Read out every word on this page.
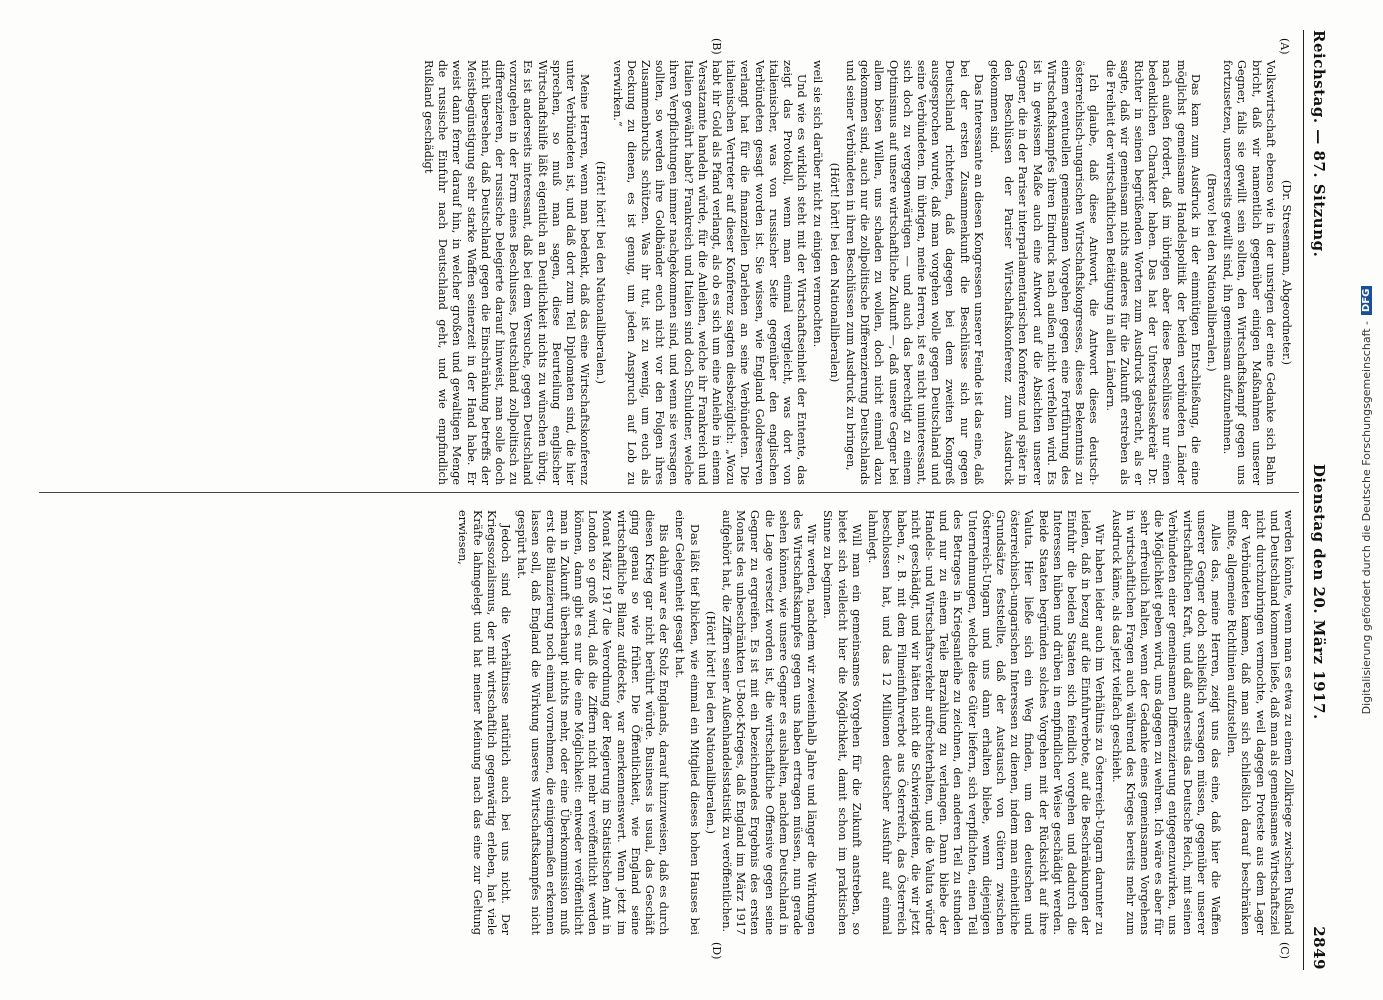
Reichstag. — 87. Sitzung.
Dienstag den 20. März 1917.
2849
(A)
(B)
(C)
(D)

(Dr. Stresemann, Abgeordneter.)

Volkswirtschaft ebenso wie in der unsrigen der eine Gedanke sich Bahn bricht, daß wir namentlich gegenüber einigen Maßnahmen unserer Gegner, falls sie gewillt sein sollten, den Wirtschaftskampf gegen uns fortzusetzen, unsererseits gewillt sind, ihn gemeinsam aufzunehmen.

(Bravo! bei den Nationalliberalen.)

Das kam zum Ausdruck in der einmütigen Entschließung, die eine möglichst gemeinsame Handelspolitik der beiden verbündeten Länder nach außen fordert, daß im übrigen aber diese Beschlüsse nur einen bedenklichen Charakter haben. Das hat der Unterstaatssekretär Dr. Richter in seinen begrüßenden Worten zum Ausdruck gebracht, als er sagte, daß wir gemeinsam nichts anderes für die Zukunft erstreben als die Freiheit der wirtschaftlichen Betätigung in allen Ländern.

Ich glaube, daß diese Antwort, die Antwort dieses deutsch-österreichisch-ungarischen Wirtschaftskongresses, dieses Bekenntnis zu einem eventuellen gemeinsamen Vorgehen gegen eine Fortführung des Wirtschaftskampfes ihren Eindruck nach außen nicht verfehlen wird. Es ist in gewissem Maße auch eine Antwort auf die Absichten unserer Gegner, die in der Pariser interparlamentarischen Konferenz und später in den Beschlüssen der Pariser Wirtschaftskonferenz zum Ausdruck gekommen sind.

Das Interessante an diesen Kongressen unserer Feinde ist das eine, daß bei der ersten Zusammenkunft die Beschlüsse sich nur gegen Deutschland richteten, daß dagegen bei dem zweiten Kongreß ausgesprochen wurde, daß man vorgehen wolle gegen Deutschland und seine Verbündeten. Im übrigen, meine Herren, ist es nicht uninteressant, sich doch zu vergegenwärtigen — und auch das berechtigt zu einem Optimismus auf unsere wirtschaftliche Zukunft —, daß unsere Gegner bei allem bösen Willen, uns schaden zu wollen, doch nicht einmal dazu gekommen sind, auch nur die zollpolitische Differenzierung Deutschlands und seiner Verbündeten in ihren Beschlüssen zum Ausdruck zu bringen,

(Hört! hört! bei den Nationalliberalen)

weil sie sich darüber nicht zu einigen vermochten.

Und wie es wirklich steht mit der Wirtschaftseinheit der Entente, das zeigt das Protokoll, wenn man einmal vergleicht, was dort von italienischer, was von russischer Seite gegenüber den englischen Verbündeten gesagt worden ist. Sie wissen, wie England Goldreserven verlangt hat für die finanziellen Darlehen an seine Verbündeten. Die italienischen Vertreter auf dieser Konferenz sagten diesbezüglich: „Wozu habt ihr Gold als Pfand verlangt, als ob es sich um eine Anleihe in einem Versatzamte handeln würde, für die Anleihen, welche ihr Frankreich und Italien gewährt habt? Frankreich und Italien sind doch Schuldner, welche ihren Verpflichtungen immer nachgekommen sind, und wenn sie versagen sollten, so werden ihre Goldbänder euch nicht vor den Folgen ihres Zusammenbruchs schützen. Was ihr tut, ist zu wenig, um euch als Deckung zu dienen, es ist genug, um jeden Anspruch auf Lob zu verwirken.“

(Hört! hört! bei den Nationalliberalen.)

Meine Herren, wenn man bedenkt, daß das eine Wirtschaftskonferenz unter Verbündeten ist, und daß dort zum Teil Diplomaten sind, die hier sprechen, so muß man sagen, diese Beurteilung englischer Wirtschaftshilfe läßt eigentlich an Deutlichkeit nichts zu wünschen übrig. Es ist anderseits interessant, daß bei dem Versuche, gegen Deutschland vorzugehen in der Form eines Beschlusses, Deutschland zollpolitisch zu differenzieren, der russische Delegierte darauf hinweist, man solle doch nicht übersehen, daß Deutschland gegen die Einschränkung betreffs der Meistbegünstigung sehr starke Waffen seinerzeit in der Hand habe. Er weist dann ferner darauf hin, in welcher großen und gewaltigen Menge die russische Einfuhr nach Deutschland geht, und wie empfindlich Rußland geschädigt

werden könnte, wenn man es etwa zu einem Zollkriege zwischen Rußland und Deutschland kommen ließe, daß man als gemeinsames Wirtschaftsziel nicht durchzubringen vermochte, weil dagegen Proteste aus dem Lager der Verbündeten kamen, daß man sich schließlich darauf beschränken mußte, allgemeine Richtlinien aufzustellen.

Alles das, meine Herren, zeigt uns das eine, daß hier die Waffen unserer Gegner doch schließlich versagen müssen, gegenüber unserer wirtschaftlichen Kraft, und daß anderseits das Deutsche Reich, mit seinen Verbündeten einer gemeinsamen Differenzierung entgegenzuwirken, uns die Möglichkeit geben wird, uns dagegen zu wehren. Ich wäre es aber für sehr erfreulich halten, wenn der Gedanke eines gemeinsamen Vorgehens in wirtschaftlichen Fragen auch während des Krieges bereits mehr zum Ausdruck käme, als das jetzt vielfach geschieht.

Wir haben leider auch im Verhältnis zu Österreich-Ungarn darunter zu leiden, daß in bezug auf die Einfuhrverbote, auf die Beschränkungen der Einfuhr die beiden Staaten sich feindlich vorgehen und dadurch die Interessen hüben und drüben in empfindlicher Weise geschädigt werden. Beide Staaten begründen solches Vorgehen mit der Rücksicht auf ihre Valuta. Hier ließe sich ein Weg finden, um den deutschen und österreichisch-ungarischen Interessen zu dienen, indem man einheitliche Grundsätze feststellte, daß der Austausch von Gütern zwischen Österreich-Ungarn und uns dann erhalten bliebe, wenn diejenigen Unternehmungen, welche diese Güter liefern, sich verpflichten, einen Teil des Betrages in Kriegsanleihe zu zeichnen, den anderen Teil zu stunden und nur zu einem Teile Barzahlung zu verlangen. Dann bliebe der Handels- und Wirtschaftsverkehr aufrechterhalten, und die Valuta würde nicht geschädigt, und wir hätten nicht die Schwierigkeiten, die wir jetzt haben, z. B. mit dem Filmeinfuhrverbot aus Österreich, das Österreich beschlossen hat, und das 12 Millionen deutscher Ausfuhr auf einmal lahmlegt.

Will man ein gemeinsames Vorgehen für die Zukunft anstreben, so bietet sich vielleicht hier die Möglichkeit, damit schon im praktischen Sinne zu beginnen.

Wir werden, nachdem wir zweieinhalb Jahre und länger die Wirkungen des Wirtschaftskampfes gegen uns haben ertragen müssen, nun gerade sehen können, wie unsere Gegner es aushalten, nachdem Deutschland in die Lage versetzt worden ist, die wirtschaftliche Offensive gegen seine Gegner zu ergreifen. Es ist mit ein bezeichnendes Ergebnis des ersten Monats des unbeschränkten U-Boot-Krieges, daß England im März 1917 aufgehört hat, die Ziffern seiner Außenhandelsstatistik zu veröffentlichen.

(Hört! hört! bei den Nationalliberalen.)

Das läßt tief blicken, wie einmal ein Mitglied dieses hohen Hauses bei einer Gelegenheit gesagt hat.

Bis dahin war es der Stolz Englands, darauf hinzuweisen, daß es durch diesen Krieg gar nicht berührt würde. Business is usual, das Geschäft ging genau so wie früher. Die Öffentlichkeit, wie England seine wirtschaftliche Bilanz aufdeckte, war anerkennenswert. Wenn jetzt im Monat März 1917 die Verordnung der Regierung im Statistischen Amt in London so groß wird, daß die Ziffern nicht mehr veröffentlicht werden können, dann gibt es nur die eine Möglichkeit: entweder veröffentlicht man in Zukunft überhaupt nichts mehr, oder eine Überkommission muß erst die Bilanzierung noch einmal vornehmen, die einigermaßen erkennen lassen soll, daß England die Wirkung unseres Wirtschaftskampfes nicht gespürt hat.

Jedoch sind die Verhältnisse natürlich auch bei uns nicht. Der Kriegssozialismus, der mit wirtschaftlich gegenwärtig erleben, hat viele Kräfte lahmgelegt und hat meiner Meinung nach das eine zur Geltung erwiesen,	Digitalisierung gefördert durch die Deutsche Forschungsgemeinschaft -
DFG
